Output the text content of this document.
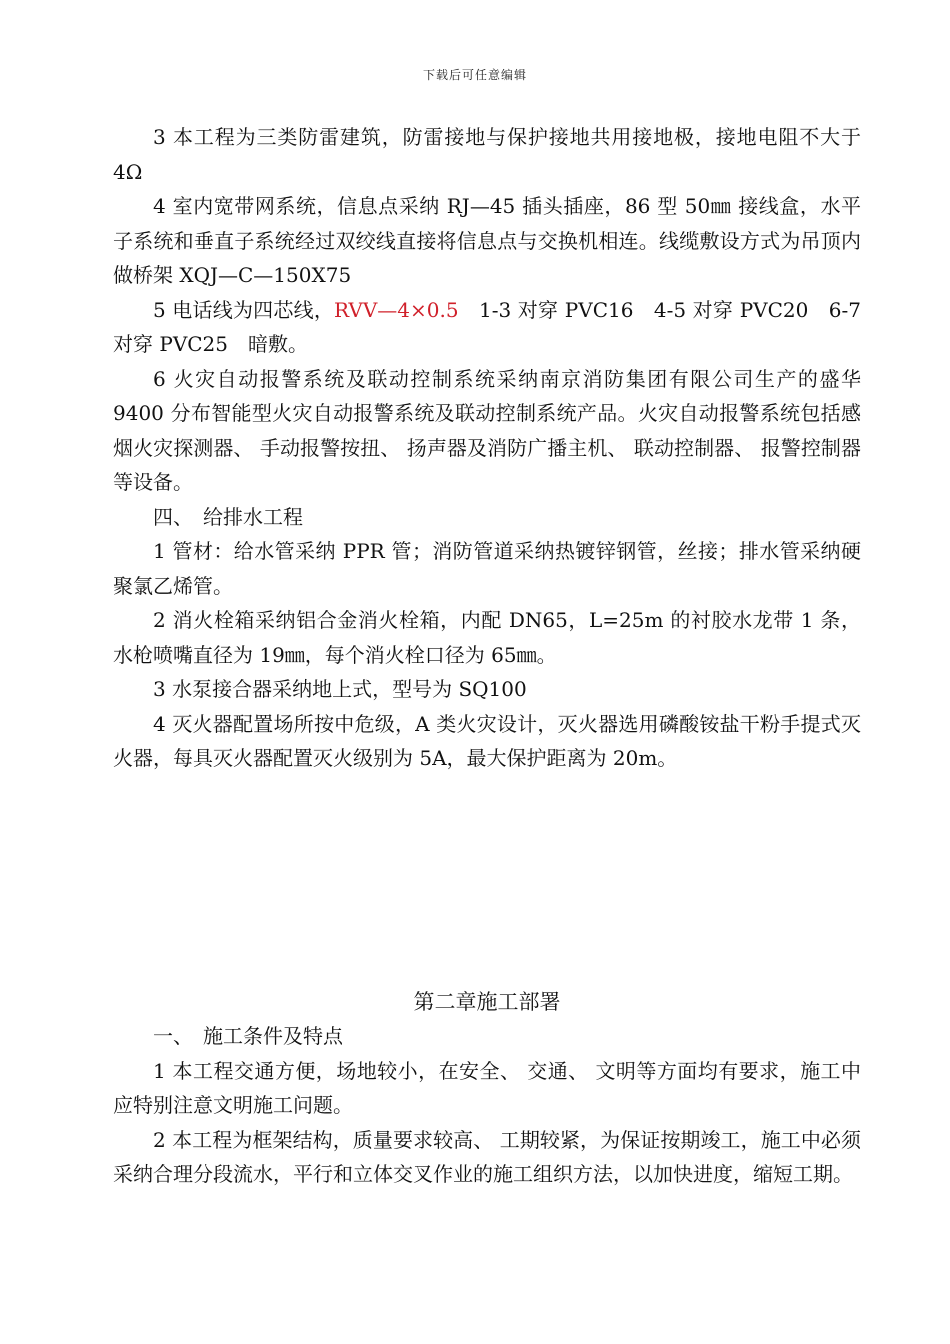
下载后可任意编辑

3 本工程为三类防雷建筑，防雷接地与保护接地共用接地极，接地电阻不大于 4Ω

4 室内宽带网系统，信息点采纳 RJ—45 插头插座，86 型 50㎜ 接线盒，水平子系统和垂直子系统经过双绞线直接将信息点与交换机相连。线缆敷设方式为吊顶内做桥架 XQJ—C—150X75

5 电话线为四芯线，RVV—4×0.5　1-3 对穿 PVC16　4-5 对穿 PVC20　6-7 对穿 PVC25　暗敷。

6 火灾自动报警系统及联动控制系统采纳南京消防集团有限公司生产的盛华 9400 分布智能型火灾自动报警系统及联动控制系统产品。火灾自动报警系统包括感烟火灾探测器、 手动报警按扭、 扬声器及消防广播主机、 联动控制器、 报警控制器等设备。

四、　给排水工程

1 管材：给水管采纳 PPR 管；消防管道采纳热镀锌钢管，丝接；排水管采纳硬聚氯乙烯管。

2 消火栓箱采纳铝合金消火栓箱，内配 DN65，L=25m 的衬胶水龙带 1 条，水枪喷嘴直径为 19㎜，每个消火栓口径为 65㎜。

3 水泵接合器采纳地上式，型号为 SQ100

4 灭火器配置场所按中危级，A 类火灾设计，灭火器选用磷酸铵盐干粉手提式灭火器，每具灭火器配置灭火级别为 5A，最大保护距离为 20m。

第二章施工部署

一、　施工条件及特点

1 本工程交通方便，场地较小，在安全、 交通、 文明等方面均有要求，施工中应特别注意文明施工问题。

2 本工程为框架结构，质量要求较高、 工期较紧，为保证按期竣工，施工中必须采纳合理分段流水，平行和立体交叉作业的施工组织方法，以加快进度，缩短工期。
